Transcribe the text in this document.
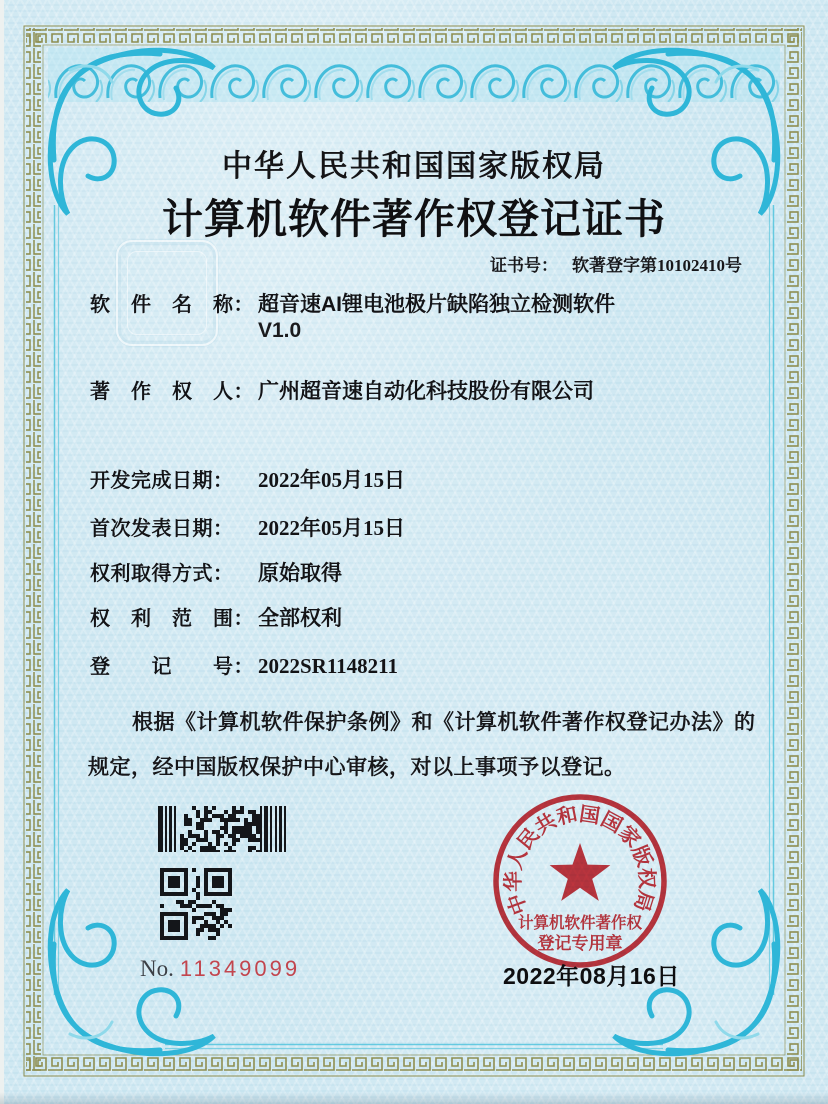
中华人民共和国国家版权局
计算机软件著作权登记证书
证书号： 软著登字第10102410号
软 件 名 称： 超音速AI锂电池极片缺陷独立检测软件
V1.0
著 作 权 人： 广州超音速自动化科技股份有限公司
开发完成日期： 2022年05月15日
首次发表日期： 2022年05月15日
权利取得方式： 原始取得
权 利 范 围： 全部权利
登  记  号： 2022SR1148211

根据《计算机软件保护条例》和《计算机软件著作权登记办法》的

规定，经中国版权保护中心审核，对以上事项予以登记。

No. 11349099
中华人民共和国国家版权局
计算机软件著作权
登记专用章
2022年08月16日
